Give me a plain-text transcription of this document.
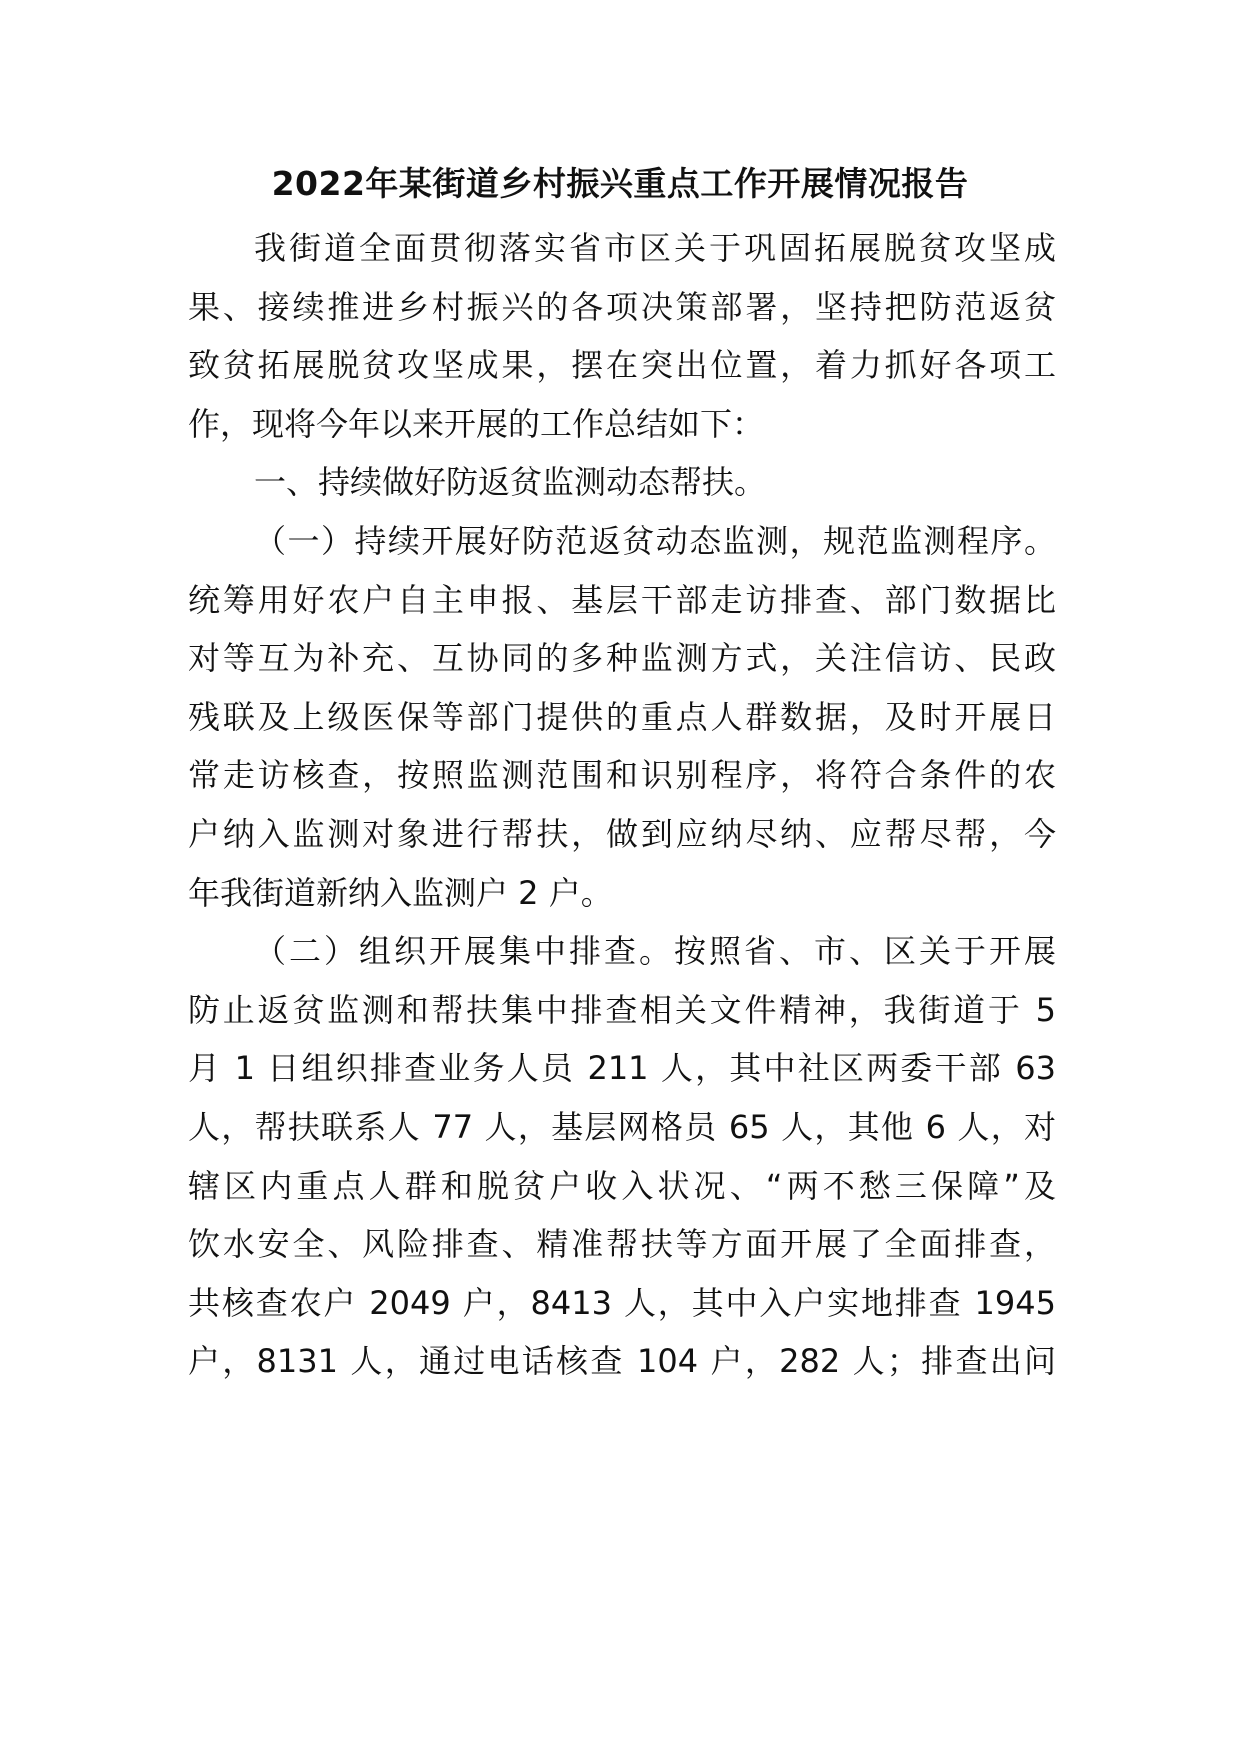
2022年某街道乡村振兴重点工作开展情况报告

我街道全面贯彻落实省市区关于巩固拓展脱贫攻坚成

果、接续推进乡村振兴的各项决策部署，坚持把防范返贫

致贫拓展脱贫攻坚成果，摆在突出位置，着力抓好各项工

作，现将今年以来开展的工作总结如下：

一、持续做好防返贫监测动态帮扶。

（一）持续开展好防范返贫动态监测，规范监测程序。

统筹用好农户自主申报、基层干部走访排查、部门数据比

对等互为补充、互协同的多种监测方式，关注信访、民政

残联及上级医保等部门提供的重点人群数据，及时开展日

常走访核查，按照监测范围和识别程序，将符合条件的农

户纳入监测对象进行帮扶，做到应纳尽纳、应帮尽帮，今

年我街道新纳入监测户 2 户。

（二）组织开展集中排查。按照省、市、区关于开展

防止返贫监测和帮扶集中排查相关文件精神，我街道于 5

月 1 日组织排查业务人员 211 人，其中社区两委干部 63

人，帮扶联系人 77 人，基层网格员 65 人，其他 6 人，对

辖区内重点人群和脱贫户收入状况、“两不愁三保障”及

饮水安全、风险排查、精准帮扶等方面开展了全面排查，

共核查农户 2049 户，8413 人，其中入户实地排查 1945

户，8131 人，通过电话核查 104 户，282 人；排查出问
